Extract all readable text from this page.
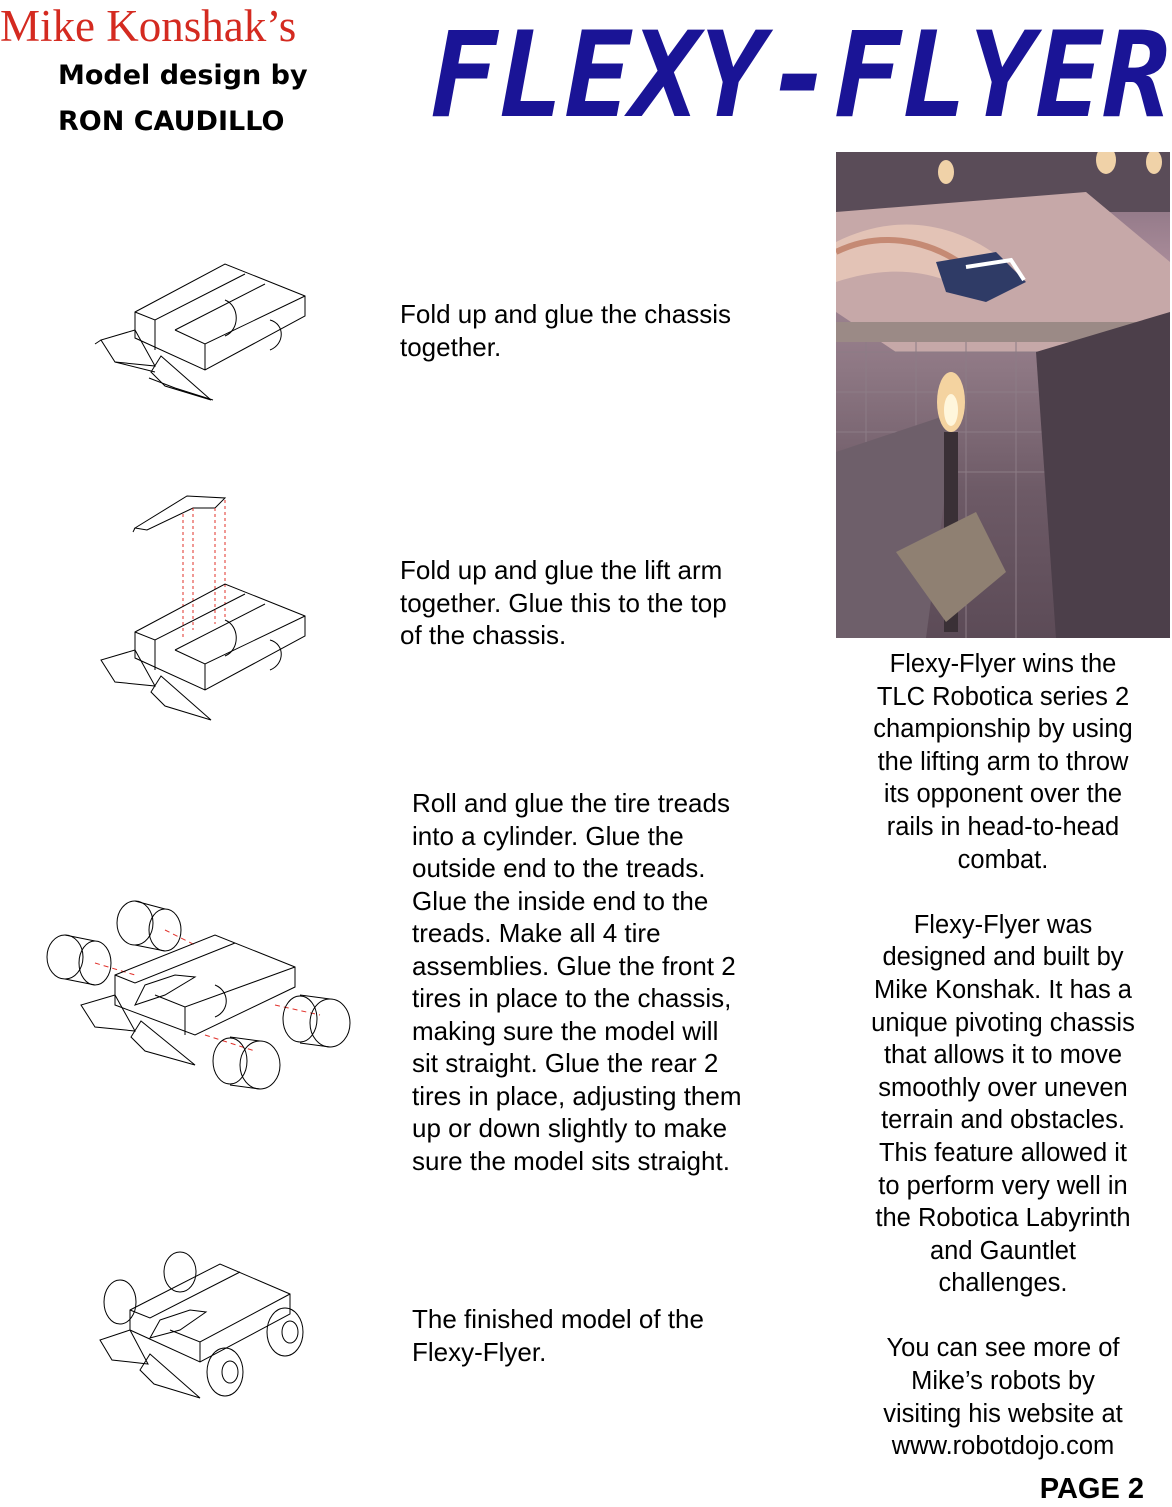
Mike Konshak’s
Model design by
RON CAUDILLO FLEXY-FLYER
Fold up and glue the chassis
together.
Fold up and glue the lift arm
together. Glue this to the top
of the chassis.
Roll and glue the tire treads
into a cylinder. Glue the
outside end to the treads.
Glue the inside end to the
treads. Make all 4 tire
assemblies. Glue the front 2
tires in place to the chassis,
making sure the model will
sit straight. Glue the rear 2
tires in place, adjusting them
up or down slightly to make
sure the model sits straight.
The finished model of the
Flexy-Flyer.
Flexy-Flyer wins the
TLC Robotica series 2
championship by using
the lifting arm to throw
its opponent over the
rails in head-to-head
combat.

Flexy-Flyer was
designed and built by
Mike Konshak. It has a
unique pivoting chassis
that allows it to move
smoothly over uneven
terrain and obstacles.
This feature allowed it
to perform very well in
the Robotica Labyrinth
and Gauntlet
challenges.

You can see more of
Mike’s robots by
visiting his website at
www.robotdojo.com
PAGE 2
